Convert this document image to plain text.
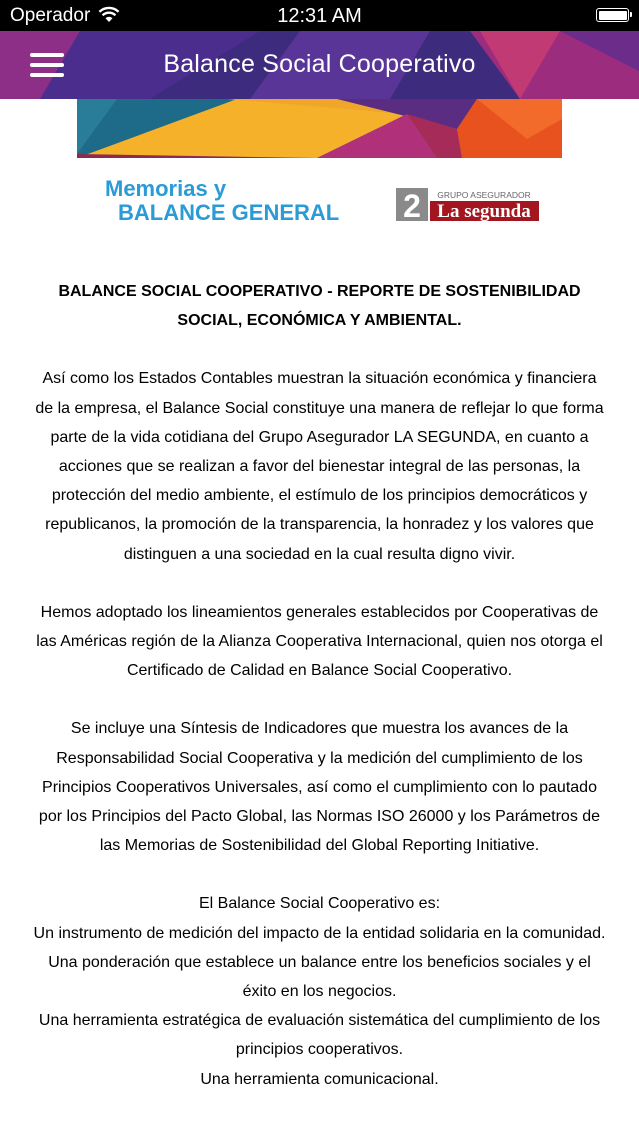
Operador	12:31 AM
Balance Social Cooperativo
Memorias y
BALANCE GENERAL 2 GRUPO ASEGURADOR
La segunda

BALANCE SOCIAL COOPERATIVO - REPORTE DE SOSTENIBILIDAD
SOCIAL, ECONÓMICA Y AMBIENTAL.

Así como los Estados Contables muestran la situación económica y financiera
de la empresa, el Balance Social constituye una manera de reflejar lo que forma
parte de la vida cotidiana del Grupo Asegurador LA SEGUNDA, en cuanto a
acciones que se realizan a favor del bienestar integral de las personas, la
protección del medio ambiente, el estímulo de los principios democráticos y
republicanos, la promoción de la transparencia, la honradez y los valores que
distinguen a una sociedad en la cual resulta digno vivir.

Hemos adoptado los lineamientos generales establecidos por Cooperativas de
las Américas región de la Alianza Cooperativa Internacional, quien nos otorga el
Certificado de Calidad en Balance Social Cooperativo.

Se incluye una Síntesis de Indicadores que muestra los avances de la
Responsabilidad Social Cooperativa y la medición del cumplimiento de los
Principios Cooperativos Universales, así como el cumplimiento con lo pautado
por los Principios del Pacto Global, las Normas ISO 26000 y los Parámetros de
las Memorias de Sostenibilidad del Global Reporting Initiative.

El Balance Social Cooperativo es:
Un instrumento de medición del impacto de la entidad solidaria en la comunidad.
Una ponderación que establece un balance entre los beneficios sociales y el
éxito en los negocios.
Una herramienta estratégica de evaluación sistemática del cumplimiento de los
principios cooperativos.
Una herramienta comunicacional.
